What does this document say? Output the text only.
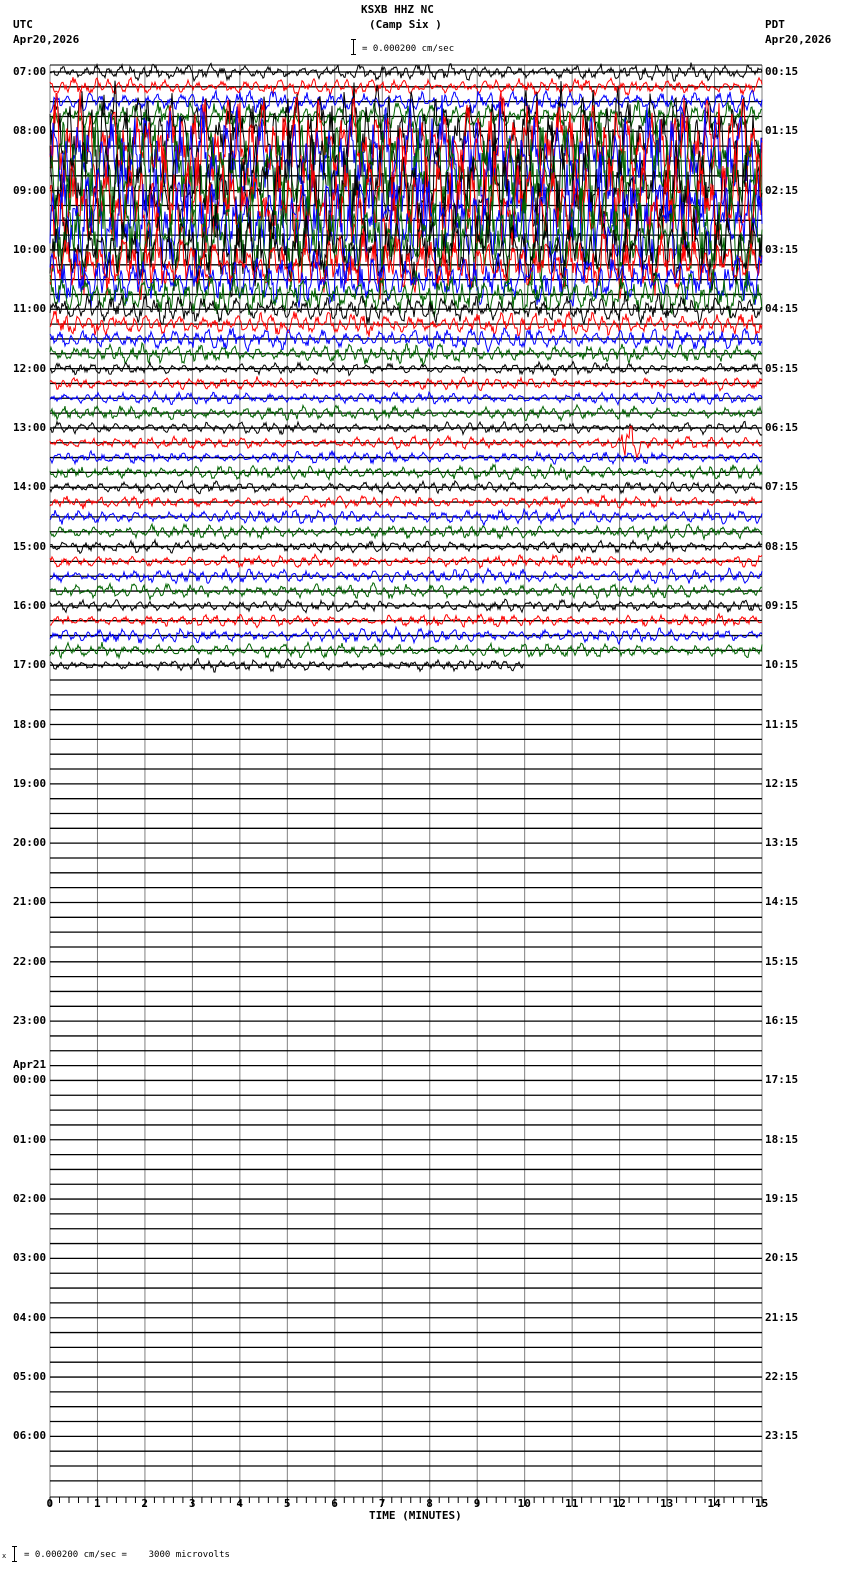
KSXB HHZ NC
(Camp Six )
UTC
Apr20,2026
PDT
Apr20,2026
= 0.000200 cm/sec
07:00
08:00
09:00
10:00
11:00
12:00
13:00
14:00
15:00
16:00
17:00
18:00
19:00
20:00
21:00
22:00
23:00
00:00
Apr21
01:00
02:00
03:00
04:00
05:00
06:00
00:15
01:15
02:15
03:15
04:15
05:15
06:15
07:15
08:15
09:15
10:15
11:15
12:15
13:15
14:15
15:15
16:15
17:15
18:15
19:15
20:15
21:15
22:15
23:15
0	1	2	3	4	5	6	7	8	9	10	11	12	13	14	15
TIME (MINUTES)
x = 0.000200 cm/sec =    3000 microvolts
